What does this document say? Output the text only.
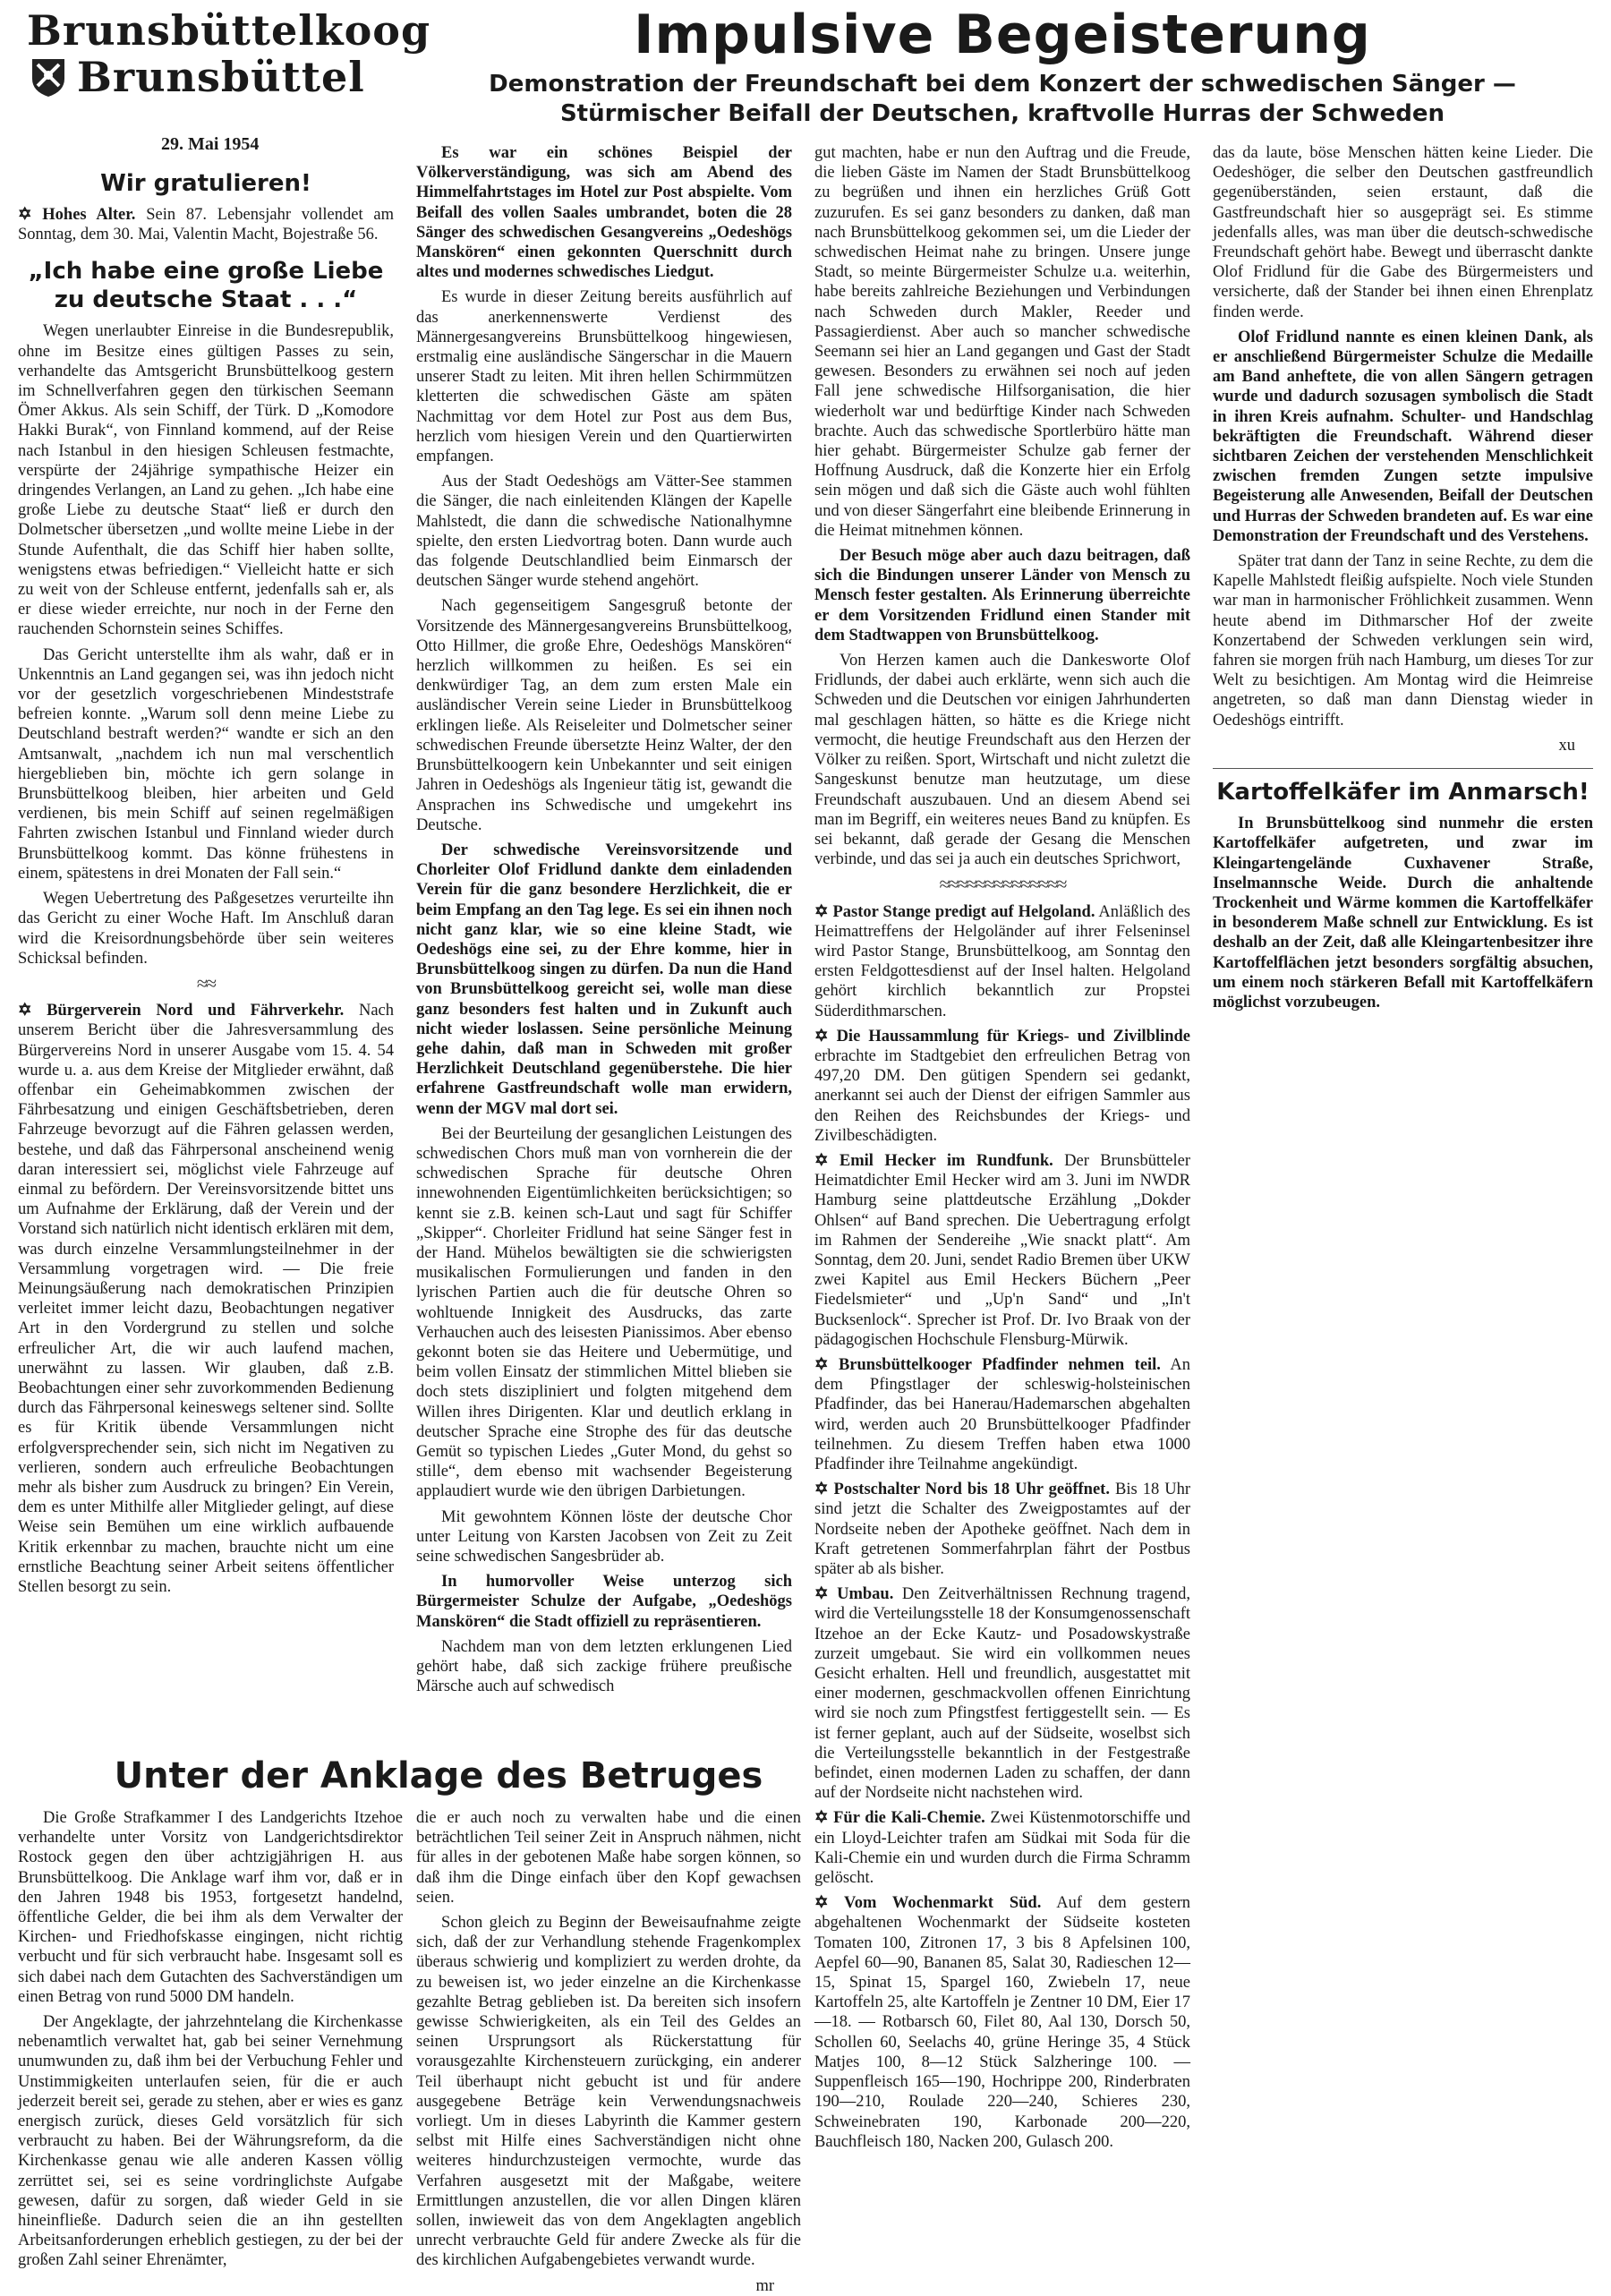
Brunsbüttelkoog
Brunsbüttel
29. Mai 1954
Impulsive Begeisterung
Demonstration der Freundschaft bei dem Konzert der schwedischen Sänger — Stürmischer Beifall der Deutschen, kraftvolle Hurras der Schweden
Wir gratulieren!

✡ Hohes Alter. Sein 87. Lebensjahr vollendet am Sonntag, dem 30. Mai, Valentin Macht, Bojestraße 56.

„Ich habe eine große Liebe zu deutsche Staat . . .“

Wegen unerlaubter Einreise in die Bundesrepublik, ohne im Besitze eines gültigen Passes zu sein, verhandelte das Amtsgericht Brunsbüttelkoog gestern im Schnellverfahren gegen den türkischen Seemann Ömer Akkus. Als sein Schiff, der Türk. D „Komodore Hakki Burak“, von Finnland kommend, auf der Reise nach Istanbul in den hiesigen Schleusen festmachte, verspürte der 24jährige sympathische Heizer ein dringendes Verlangen, an Land zu gehen. „Ich habe eine große Liebe zu deutsche Staat“ ließ er durch den Dolmetscher übersetzen „und wollte meine Liebe in der Stunde Aufenthalt, die das Schiff hier haben sollte, wenigstens etwas befriedigen.“ Vielleicht hatte er sich zu weit von der Schleuse entfernt, jedenfalls sah er, als er diese wieder erreichte, nur noch in der Ferne den rauchenden Schornstein seines Schiffes.

Das Gericht unterstellte ihm als wahr, daß er in Unkenntnis an Land gegangen sei, was ihn jedoch nicht vor der gesetzlich vorgeschriebenen Mindeststrafe befreien konnte. „Warum soll denn meine Liebe zu Deutschland bestraft werden?“ wandte er sich an den Amtsanwalt, „nachdem ich nun mal verschentlich hiergeblieben bin, möchte ich gern solange in Brunsbüttelkoog bleiben, hier arbeiten und Geld verdienen, bis mein Schiff auf seinen regelmäßigen Fahrten zwischen Istanbul und Finnland wieder durch Brunsbüttelkoog kommt. Das könne frühestens in einem, spätestens in drei Monaten der Fall sein.“

Wegen Uebertretung des Paßgesetzes verurteilte ihn das Gericht zu einer Woche Haft. Im Anschluß daran wird die Kreisordnungsbehörde über sein weiteres Schicksal befinden.

≈≈

✡ Bürgerverein Nord und Fährverkehr. Nach unserem Bericht über die Jahresversammlung des Bürgervereins Nord in unserer Ausgabe vom 15. 4. 54 wurde u. a. aus dem Kreise der Mitglieder erwähnt, daß offenbar ein Geheimabkommen zwischen der Fährbesatzung und einigen Geschäftsbetrieben, deren Fahrzeuge bevorzugt auf die Fähren gelassen werden, bestehe, und daß das Fährpersonal anscheinend wenig daran interessiert sei, möglichst viele Fahrzeuge auf einmal zu befördern. Der Vereinsvorsitzende bittet uns um Aufnahme der Erklärung, daß der Verein und der Vorstand sich natürlich nicht identisch erklären mit dem, was durch einzelne Versammlungsteilnehmer in der Versammlung vorgetragen wird. — Die freie Meinungsäußerung nach demokratischen Prinzipien verleitet immer leicht dazu, Beobachtungen negativer Art in den Vordergrund zu stellen und solche erfreulicher Art, die wir auch laufend machen, unerwähnt zu lassen. Wir glauben, daß z.B. Beobachtungen einer sehr zuvorkommenden Bedienung durch das Fährpersonal keineswegs seltener sind. Sollte es für Kritik übende Versammlungen nicht erfolgversprechender sein, sich nicht im Negativen zu verlieren, sondern auch erfreuliche Beobachtungen mehr als bisher zum Ausdruck zu bringen? Ein Verein, dem es unter Mithilfe aller Mitglieder gelingt, auf diese Weise sein Bemühen um eine wirklich aufbauende Kritik erkennbar zu machen, brauchte nicht um eine ernstliche Beachtung seiner Arbeit seitens öffentlicher Stellen besorgt zu sein.

Es war ein schönes Beispiel der Völkerverständigung, was sich am Abend des Himmelfahrtstages im Hotel zur Post abspielte. Vom Beifall des vollen Saales umbrandet, boten die 28 Sänger des schwedischen Gesangvereins „Oedeshögs Manskören“ einen gekonnten Querschnitt durch altes und modernes schwedisches Liedgut.

Es wurde in dieser Zeitung bereits ausführlich auf das anerkennenswerte Verdienst des Männergesangvereins Brunsbüttelkoog hingewiesen, erstmalig eine ausländische Sängerschar in die Mauern unserer Stadt zu leiten. Mit ihren hellen Schirmmützen kletterten die schwedischen Gäste am späten Nachmittag vor dem Hotel zur Post aus dem Bus, herzlich vom hiesigen Verein und den Quartierwirten empfangen.

Aus der Stadt Oedeshögs am Vätter-See stammen die Sänger, die nach einleitenden Klängen der Kapelle Mahlstedt, die dann die schwedische Nationalhymne spielte, den ersten Liedvortrag boten. Dann wurde auch das folgende Deutschlandlied beim Einmarsch der deutschen Sänger wurde stehend angehört.

Nach gegenseitigem Sangesgruß betonte der Vorsitzende des Männergesangvereins Brunsbüttelkoog, Otto Hillmer, die große Ehre, Oedeshögs Manskören“ herzlich willkommen zu heißen. Es sei ein denkwürdiger Tag, an dem zum ersten Male ein ausländischer Verein seine Lieder in Brunsbüttelkoog erklingen ließe. Als Reiseleiter und Dolmetscher seiner schwedischen Freunde übersetzte Heinz Walter, der den Brunsbüttelkoogern kein Unbekannter und seit einigen Jahren in Oedeshögs als Ingenieur tätig ist, gewandt die Ansprachen ins Schwedische und umgekehrt ins Deutsche.

Der schwedische Vereinsvorsitzende und Chorleiter Olof Fridlund dankte dem einladenden Verein für die ganz besondere Herzlichkeit, die er beim Empfang an den Tag lege. Es sei ein ihnen noch nicht ganz klar, wie so eine kleine Stadt, wie Oedeshögs eine sei, zu der Ehre komme, hier in Brunsbüttelkoog singen zu dürfen. Da nun die Hand von Brunsbüttelkoog gereicht sei, wolle man diese ganz besonders fest halten und in Zukunft auch nicht wieder loslassen. Seine persönliche Meinung gehe dahin, daß man in Schweden mit großer Herzlichkeit Deutschland gegenüberstehe. Die hier erfahrene Gastfreundschaft wolle man erwidern, wenn der MGV mal dort sei.

Bei der Beurteilung der gesanglichen Leistungen des schwedischen Chors muß man von vornherein die der schwedischen Sprache für deutsche Ohren innewohnenden Eigentümlichkeiten berücksichtigen; so kennt sie z.B. keinen sch-Laut und sagt für Schiffer „Skipper“. Chorleiter Fridlund hat seine Sänger fest in der Hand. Mühelos bewältigten sie die schwierigsten musikalischen Formulierungen und fanden in den lyrischen Partien auch die für deutsche Ohren so wohltuende Innigkeit des Ausdrucks, das zarte Verhauchen auch des leisesten Pianissimos. Aber ebenso gekonnt boten sie das Heitere und Uebermütige, und beim vollen Einsatz der stimmlichen Mittel blieben sie doch stets diszipliniert und folgten mitgehend dem Willen ihres Dirigenten. Klar und deutlich erklang in deutscher Sprache eine Strophe des für das deutsche Gemüt so typischen Liedes „Guter Mond, du gehst so stille“, dem ebenso mit wachsender Begeisterung applaudiert wurde wie den übrigen Darbietungen.

Mit gewohntem Können löste der deutsche Chor unter Leitung von Karsten Jacobsen von Zeit zu Zeit seine schwedischen Sangesbrüder ab.

In humorvoller Weise unterzog sich Bürgermeister Schulze der Aufgabe, „Oedeshögs Manskören“ die Stadt offiziell zu repräsentieren.

Nachdem man von dem letzten erklungenen Lied gehört habe, daß sich zackige frühere preußische Märsche auch auf schwedisch

gut machten, habe er nun den Auftrag und die Freude, die lieben Gäste im Namen der Stadt Brunsbüttelkoog zu begrüßen und ihnen ein herzliches Grüß Gott zuzurufen. Es sei ganz besonders zu danken, daß man nach Brunsbüttelkoog gekommen sei, um die Lieder der schwedischen Heimat nahe zu bringen. Unsere junge Stadt, so meinte Bürgermeister Schulze u.a. weiterhin, habe bereits zahlreiche Beziehungen und Verbindungen nach Schweden durch Makler, Reeder und Passagierdienst. Aber auch so mancher schwedische Seemann sei hier an Land gegangen und Gast der Stadt gewesen. Besonders zu erwähnen sei noch auf jeden Fall jene schwedische Hilfsorganisation, die hier wiederholt war und bedürftige Kinder nach Schweden brachte. Auch das schwedische Sportlerbüro hätte man hier gehabt. Bürgermeister Schulze gab ferner der Hoffnung Ausdruck, daß die Konzerte hier ein Erfolg sein mögen und daß sich die Gäste auch wohl fühlten und von dieser Sängerfahrt eine bleibende Erinnerung in die Heimat mitnehmen können.

Der Besuch möge aber auch dazu beitragen, daß sich die Bindungen unserer Länder von Mensch zu Mensch fester gestalten. Als Erinnerung überreichte er dem Vorsitzenden Fridlund einen Stander mit dem Stadtwappen von Brunsbüttelkoog.

Von Herzen kamen auch die Dankesworte Olof Fridlunds, der dabei auch erklärte, wenn sich auch die Schweden und die Deutschen vor einigen Jahrhunderten mal geschlagen hätten, so hätte es die Kriege nicht vermocht, die heutige Freundschaft aus den Herzen der Völker zu reißen. Sport, Wirtschaft und nicht zuletzt die Sangeskunst benutze man heutzutage, um diese Freundschaft auszubauen. Und an diesem Abend sei man im Begriff, ein weiteres neues Band zu knüpfen. Es sei bekannt, daß gerade der Gesang die Menschen verbinde, und das sei ja auch ein deutsches Sprichwort,

≈≈≈≈≈≈≈≈≈≈≈≈≈≈

✡ Pastor Stange predigt auf Helgoland. Anläßlich des Heimattreffens der Helgoländer auf ihrer Felseninsel wird Pastor Stange, Brunsbüttelkoog, am Sonntag den ersten Feldgottesdienst auf der Insel halten. Helgoland gehört kirchlich bekanntlich zur Propstei Süderdithmarschen.

✡ Die Haussammlung für Kriegs- und Zivilblinde erbrachte im Stadtgebiet den erfreulichen Betrag von 497,20 DM. Den gütigen Spendern sei gedankt, anerkannt sei auch der Dienst der eifrigen Sammler aus den Reihen des Reichsbundes der Kriegs- und Zivilbeschädigten.

✡ Emil Hecker im Rundfunk. Der Brunsbütteler Heimatdichter Emil Hecker wird am 3. Juni im NWDR Hamburg seine plattdeutsche Erzählung „Dokder Ohlsen“ auf Band sprechen. Die Uebertragung erfolgt im Rahmen der Sendereihe „Wie snackt platt“. Am Sonntag, dem 20. Juni, sendet Radio Bremen über UKW zwei Kapitel aus Emil Heckers Büchern „Peer Fiedelsmieter“ und „Up'n Sand“ und „In't Bucksenlock“. Sprecher ist Prof. Dr. Ivo Braak von der pädagogischen Hochschule Flensburg-Mürwik.

✡ Brunsbüttelkooger Pfadfinder nehmen teil. An dem Pfingstlager der schleswig-holsteinischen Pfadfinder, das bei Hanerau/Hademarschen abgehalten wird, werden auch 20 Brunsbüttelkooger Pfadfinder teilnehmen. Zu diesem Treffen haben etwa 1000 Pfadfinder ihre Teilnahme angekündigt.

✡ Postschalter Nord bis 18 Uhr geöffnet. Bis 18 Uhr sind jetzt die Schalter des Zweigpostamtes auf der Nordseite neben der Apotheke geöffnet. Nach dem in Kraft getretenen Sommerfahrplan fährt der Postbus später ab als bisher.

✡ Umbau. Den Zeitverhältnissen Rechnung tragend, wird die Verteilungsstelle 18 der Konsumgenossenschaft Itzehoe an der Ecke Kautz- und Posadowskystraße zurzeit umgebaut. Sie wird ein vollkommen neues Gesicht erhalten. Hell und freundlich, ausgestattet mit einer modernen, geschmackvollen offenen Einrichtung wird sie noch zum Pfingstfest fertiggestellt sein. — Es ist ferner geplant, auch auf der Südseite, woselbst sich die Verteilungsstelle bekanntlich in der Festgestraße befindet, einen modernen Laden zu schaffen, der dann auf der Nordseite nicht nachstehen wird.

✡ Für die Kali-Chemie. Zwei Küstenmotorschiffe und ein Lloyd-Leichter trafen am Südkai mit Soda für die Kali-Chemie ein und wurden durch die Firma Schramm gelöscht.

✡ Vom Wochenmarkt Süd. Auf dem gestern abgehaltenen Wochenmarkt der Südseite kosteten Tomaten 100, Zitronen 17, 3 bis 8 Apfelsinen 100, Aepfel 60—90, Bananen 85, Salat 30, Radieschen 12—15, Spinat 15, Spargel 160, Zwiebeln 17, neue Kartoffeln 25, alte Kartoffeln je Zentner 10 DM, Eier 17—18. — Rotbarsch 60, Filet 80, Aal 130, Dorsch 50, Schollen 60, Seelachs 40, grüne Heringe 35, 4 Stück Matjes 100, 8—12 Stück Salzheringe 100. — Suppenfleisch 165—190, Hochrippe 200, Rinderbraten 190—210, Roulade 220—240, Schieres 230, Schweinebraten 190, Karbonade 200—220, Bauchfleisch 180, Nacken 200, Gulasch 200.

das da laute, böse Menschen hätten keine Lieder. Die Oedeshöger, die selber den Deutschen gastfreundlich gegenüberständen, seien erstaunt, daß die Gastfreundschaft hier so ausgeprägt sei. Es stimme jedenfalls alles, was man über die deutsch-schwedische Freundschaft gehört habe. Bewegt und überrascht dankte Olof Fridlund für die Gabe des Bürgermeisters und versicherte, daß der Stander bei ihnen einen Ehrenplatz finden werde.

Olof Fridlund nannte es einen kleinen Dank, als er anschließend Bürgermeister Schulze die Medaille am Band anheftete, die von allen Sängern getragen wurde und dadurch sozusagen symbolisch die Stadt in ihren Kreis aufnahm. Schulter- und Handschlag bekräftigten die Freundschaft. Während dieser sichtbaren Zeichen der verstehenden Menschlichkeit zwischen fremden Zungen setzte impulsive Begeisterung alle Anwesenden, Beifall der Deutschen und Hurras der Schweden brandeten auf. Es war eine Demonstration der Freundschaft und des Verstehens.

Später trat dann der Tanz in seine Rechte, zu dem die Kapelle Mahlstedt fleißig aufspielte. Noch viele Stunden war man in harmonischer Fröhlichkeit zusammen. Wenn heute abend im Dithmarscher Hof der zweite Konzertabend der Schweden verklungen sein wird, fahren sie morgen früh nach Hamburg, um dieses Tor zur Welt zu besichtigen. Am Montag wird die Heimreise angetreten, so daß man dann Dienstag wieder in Oedeshögs eintrifft.

xu
Kartoffelkäfer im Anmarsch!

In Brunsbüttelkoog sind nunmehr die ersten Kartoffelkäfer aufgetreten, und zwar im Kleingartengelände Cuxhavener Straße, Inselmannsche Weide. Durch die anhaltende Trockenheit und Wärme kommen die Kartoffelkäfer in besonderem Maße schnell zur Entwicklung. Es ist deshalb an der Zeit, daß alle Kleingartenbesitzer ihre Kartoffelflächen jetzt besonders sorgfältig absuchen, um einem noch stärkeren Befall mit Kartoffelkäfern möglichst vorzubeugen.

Unter der Anklage des Betruges

Die Große Strafkammer I des Landgerichts Itzehoe verhandelte unter Vorsitz von Landgerichtsdirektor Rostock gegen den über achtzigjährigen H. aus Brunsbüttelkoog. Die Anklage warf ihm vor, daß er in den Jahren 1948 bis 1953, fortgesetzt handelnd, öffentliche Gelder, die bei ihm als dem Verwalter der Kirchen- und Friedhofskasse eingingen, nicht richtig verbucht und für sich verbraucht habe. Insgesamt soll es sich dabei nach dem Gutachten des Sachverständigen um einen Betrag von rund 5000 DM handeln.

Der Angeklagte, der jahrzehntelang die Kirchenkasse nebenamtlich verwaltet hat, gab bei seiner Vernehmung unumwunden zu, daß ihm bei der Verbuchung Fehler und Unstimmigkeiten unterlaufen seien, für die er auch jederzeit bereit sei, gerade zu stehen, aber er wies es ganz energisch zurück, dieses Geld vorsätzlich für sich verbraucht zu haben. Bei der Währungsreform, da die Kirchenkasse genau wie alle anderen Kassen völlig zerrüttet sei, sei es seine vordringlichste Aufgabe gewesen, dafür zu sorgen, daß wieder Geld in sie hineinfließe. Dadurch seien die an ihn gestellten Arbeitsanforderungen erheblich gestiegen, zu der bei der großen Zahl seiner Ehrenämter,

die er auch noch zu verwalten habe und die einen beträchtlichen Teil seiner Zeit in Anspruch nähmen, nicht für alles in der gebotenen Maße habe sorgen können, so daß ihm die Dinge einfach über den Kopf gewachsen seien.

Schon gleich zu Beginn der Beweisaufnahme zeigte sich, daß der zur Verhandlung stehende Fragenkomplex überaus schwierig und kompliziert zu werden drohte, da zu beweisen ist, wo jeder einzelne an die Kirchenkasse gezahlte Betrag geblieben ist. Da bereiten sich insofern gewisse Schwierigkeiten, als ein Teil des Geldes an seinen Ursprungsort als Rückerstattung für vorausgezahlte Kirchensteuern zurückging, ein anderer Teil überhaupt nicht gebucht ist und für andere ausgegebene Beträge kein Verwendungsnachweis vorliegt. Um in dieses Labyrinth die Kammer gestern selbst mit Hilfe eines Sachverständigen nicht ohne weiteres hindurchzusteigen vermochte, wurde das Verfahren ausgesetzt mit der Maßgabe, weitere Ermittlungen anzustellen, die vor allen Dingen klären sollen, inwieweit das von dem Angeklagten angeblich unrecht verbrauchte Geld für andere Zwecke als für die des kirchlichen Aufgabengebietes verwandt wurde.

mr
